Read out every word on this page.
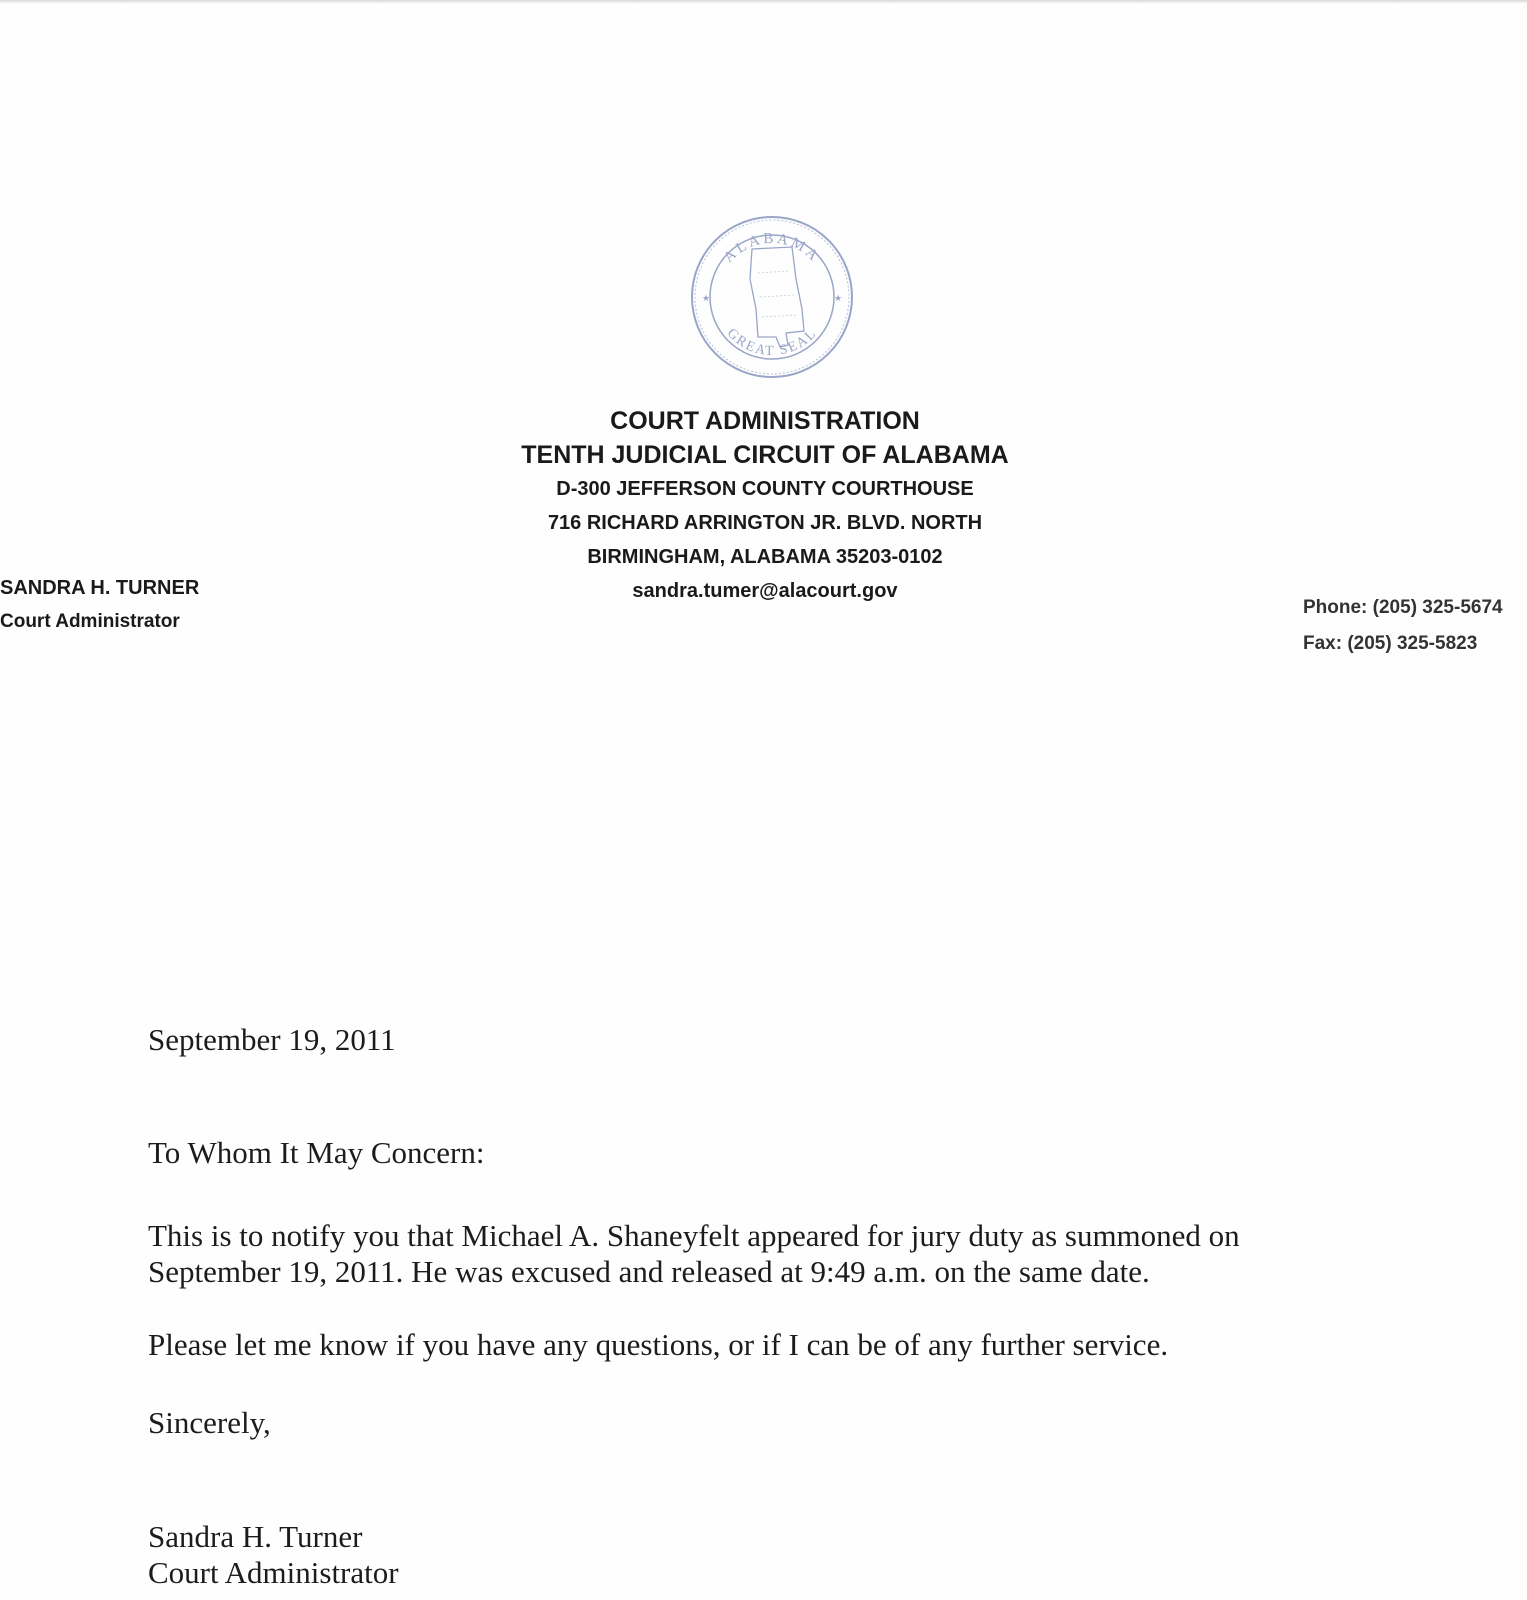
ALABAMA
GREAT SEAL
★	★
COURT ADMINISTRATION
TENTH JUDICIAL CIRCUIT OF ALABAMA
D-300 JEFFERSON COUNTY COURTHOUSE
716 RICHARD ARRINGTON JR. BLVD. NORTH
BIRMINGHAM, ALABAMA 35203-0102
sandra.tumer@alacourt.gov
SANDRA H. TURNER
Court Administrator
Phone: (205) 325-5674
Fax: (205) 325-5823
September 19, 2011
To Whom It May Concern:
This is to notify you that Michael A. Shaneyfelt appeared for jury duty as summoned on
September 19, 2011. He was excused and released at 9:49 a.m. on the same date.
Please let me know if you have any questions, or if I can be of any further service.
Sincerely,
Sandra H. Turner
Court Administrator
